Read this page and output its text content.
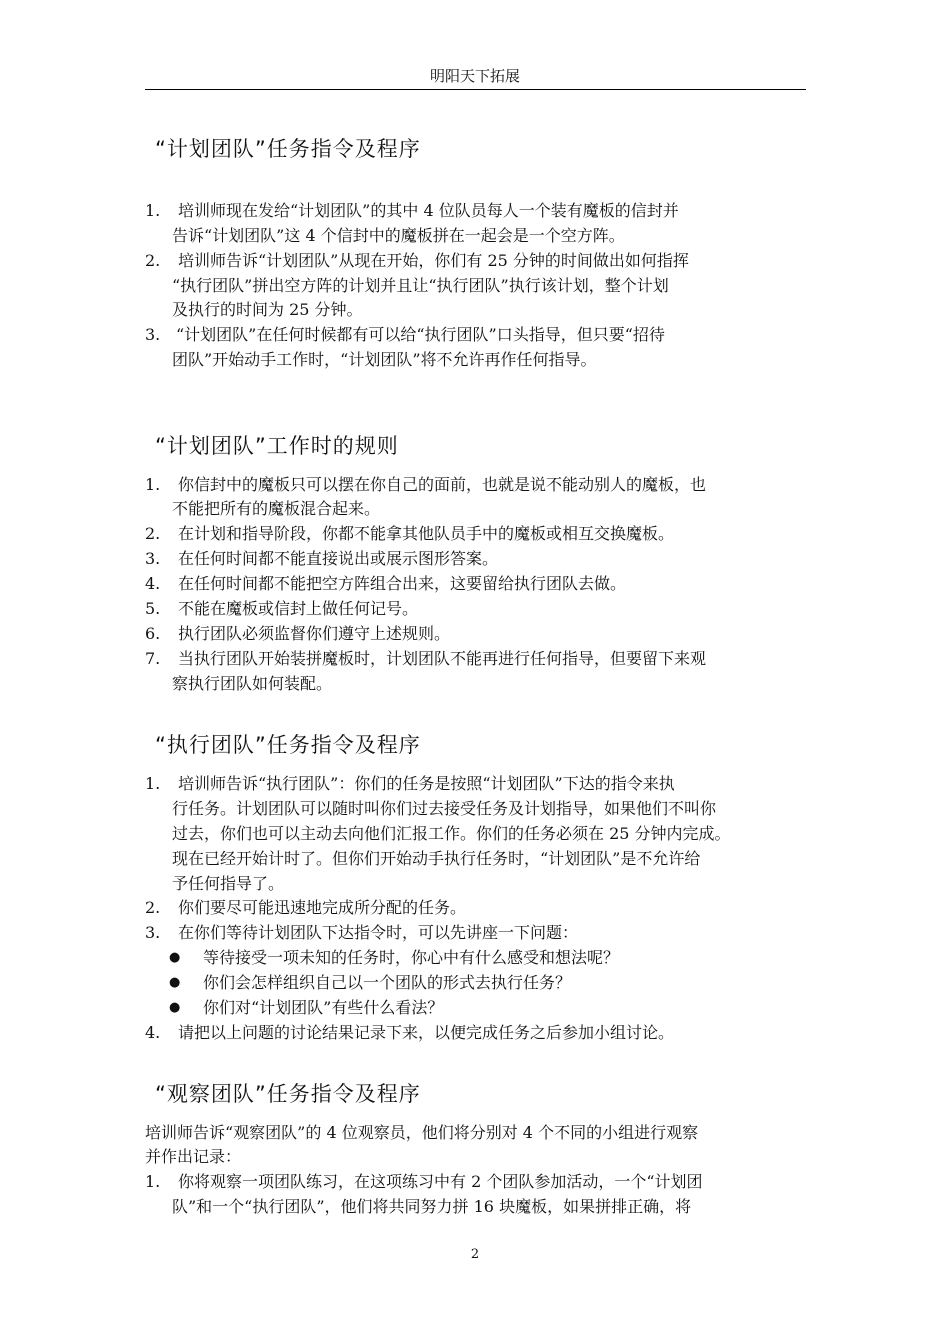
明阳天下拓展
“计划团队”任务指令及程序
1. 培训师现在发给“计划团队”的其中 4 位队员每人一个装有魔板的信封并
告诉“计划团队”这 4 个信封中的魔板拼在一起会是一个空方阵。
2. 培训师告诉“计划团队”从现在开始，你们有 25 分钟的时间做出如何指挥
“执行团队”拼出空方阵的计划并且让“执行团队”执行该计划，整个计划
及执行的时间为 25 分钟。
3. “计划团队”在任何时候都有可以给“执行团队”口头指导，但只要“招待
团队”开始动手工作时，“计划团队”将不允许再作任何指导。
“计划团队”工作时的规则
1. 你信封中的魔板只可以摆在你自己的面前，也就是说不能动别人的魔板，也
不能把所有的魔板混合起来。
2. 在计划和指导阶段，你都不能拿其他队员手中的魔板或相互交换魔板。
3. 在任何时间都不能直接说出或展示图形答案。
4. 在任何时间都不能把空方阵组合出来，这要留给执行团队去做。
5. 不能在魔板或信封上做任何记号。
6. 执行团队必须监督你们遵守上述规则。
7. 当执行团队开始装拼魔板时，计划团队不能再进行任何指导，但要留下来观
察执行团队如何装配。
“执行团队”任务指令及程序
1. 培训师告诉“执行团队”：你们的任务是按照“计划团队”下达的指令来执
行任务。计划团队可以随时叫你们过去接受任务及计划指导，如果他们不叫你
过去，你们也可以主动去向他们汇报工作。你们的任务必须在 25 分钟内完成。
现在已经开始计时了。但你们开始动手执行任务时，“计划团队”是不允许给
予任何指导了。
2. 你们要尽可能迅速地完成所分配的任务。
3. 在你们等待计划团队下达指令时，可以先讲座一下问题：
● 等待接受一项未知的任务时，你心中有什么感受和想法呢？
● 你们会怎样组织自己以一个团队的形式去执行任务？
● 你们对“计划团队”有些什么看法？
4. 请把以上问题的讨论结果记录下来，以便完成任务之后参加小组讨论。
“观察团队”任务指令及程序
培训师告诉“观察团队”的 4 位观察员，他们将分别对 4 个不同的小组进行观察
并作出记录：
1. 你将观察一项团队练习，在这项练习中有 2 个团队参加活动，一个“计划团
队”和一个“执行团队”，他们将共同努力拼 16 块魔板，如果拼排正确，将
2
